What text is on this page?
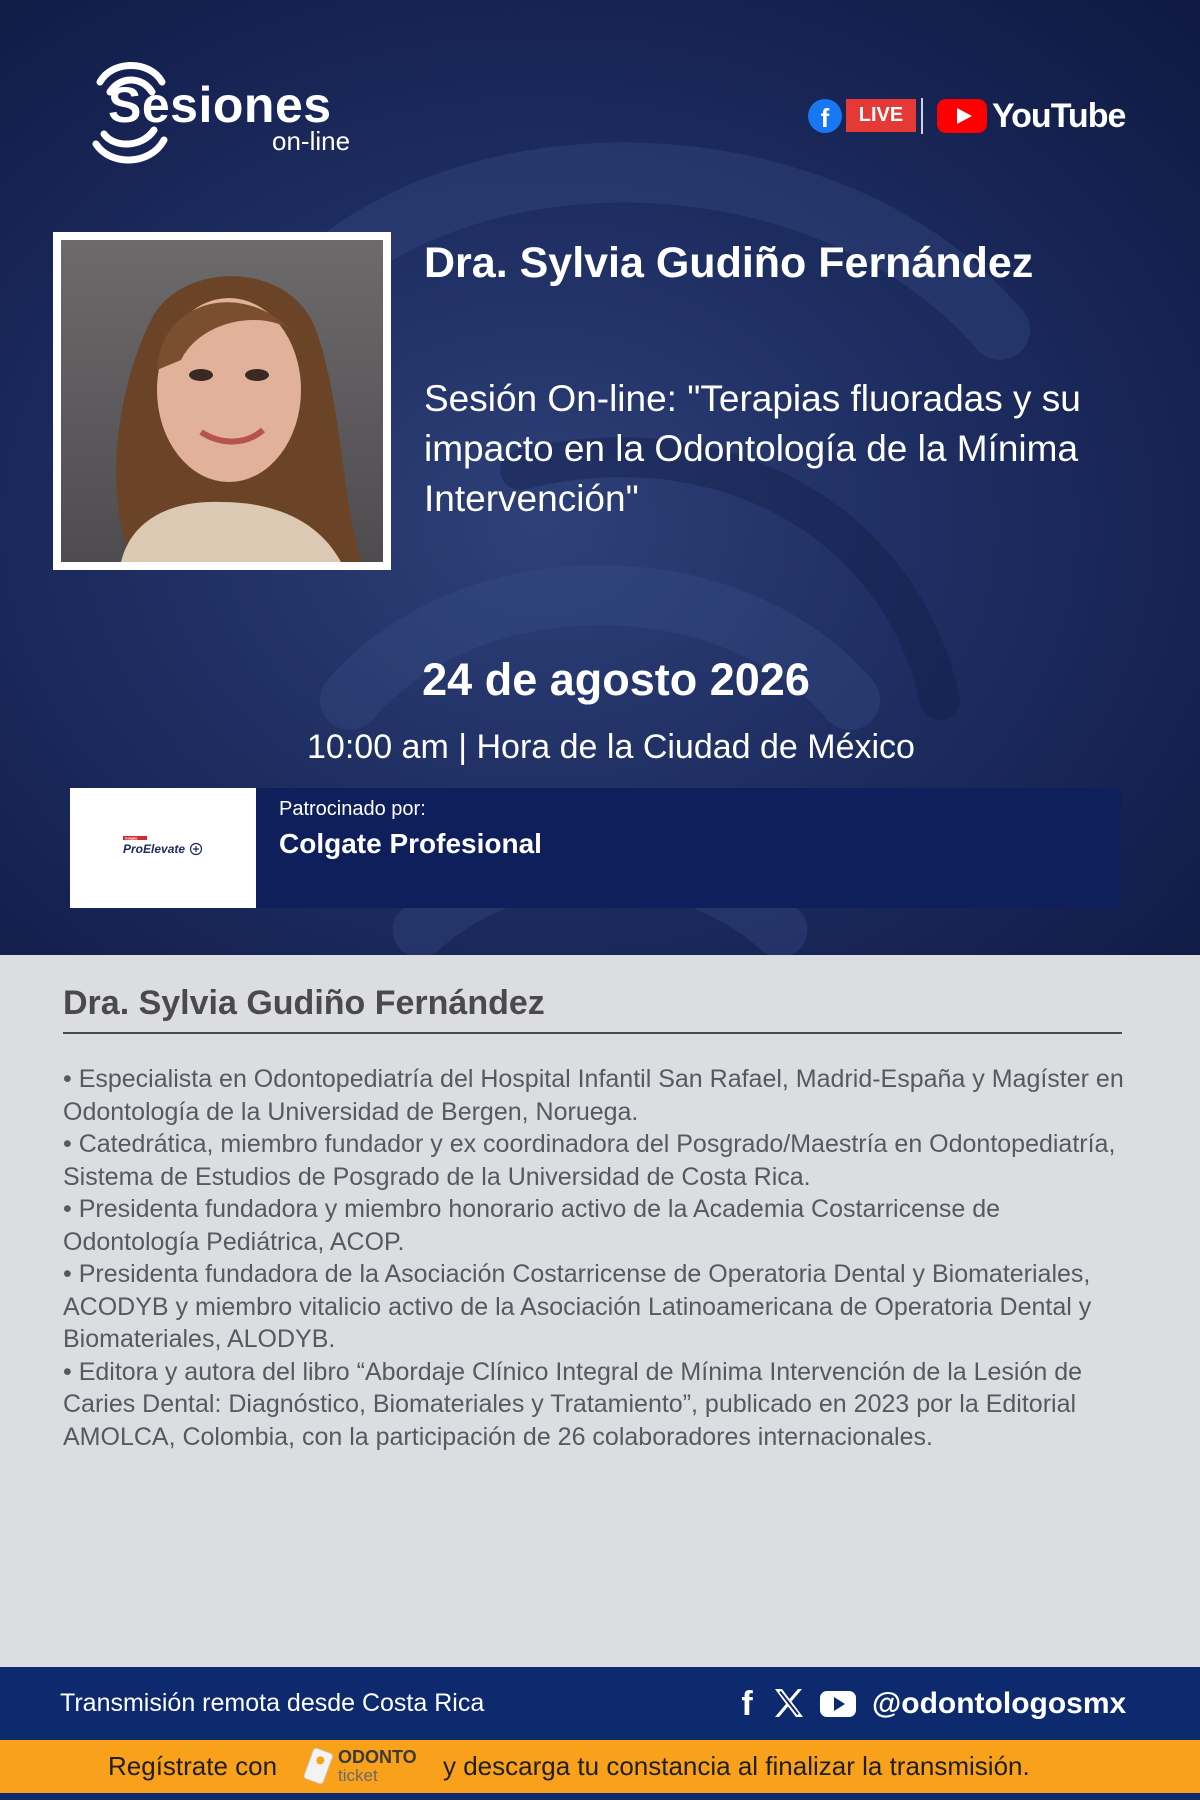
Sesiones
on-line
f	LIVE	YouTube
Dra. Sylvia Gudiño Fernández

Sesión On-line: "Terapias fluoradas y su impacto en la Odontología de la Mínima Intervención"

24 de agosto 2026
10:00 am | Hora de la Ciudad de México
Colgate
ProElevate
Patrocinado por:
Colgate Profesional
Dra. Sylvia Gudiño Fernández
• Especialista en Odontopediatría del Hospital Infantil San Rafael, Madrid-España y Magíster en Odontología de la Universidad de Bergen, Noruega.
• Catedrática, miembro fundador y ex coordinadora del Posgrado/Maestría en Odontopediatría, Sistema de Estudios de Posgrado de la Universidad de Costa Rica.
• Presidenta fundadora y miembro honorario activo de la Academia Costarricense de Odontología Pediátrica, ACOP.
• Presidenta fundadora de la Asociación Costarricense de Operatoria Dental y Biomateriales, ACODYB y miembro vitalicio activo de la Asociación Latinoamericana de Operatoria Dental y Biomateriales, ALODYB.
• Editora y autora del libro “Abordaje Clínico Integral de Mínima Intervención de la Lesión de Caries Dental: Diagnóstico, Biomateriales y Tratamiento”, publicado en 2023 por la Editorial AMOLCA, Colombia, con la participación de 26 colaboradores internacionales.
Transmisión remota desde Costa Rica	f	@odontologosmx
Regístrate con	ODONTO
ticket	y descarga tu constancia al finalizar la transmisión.
